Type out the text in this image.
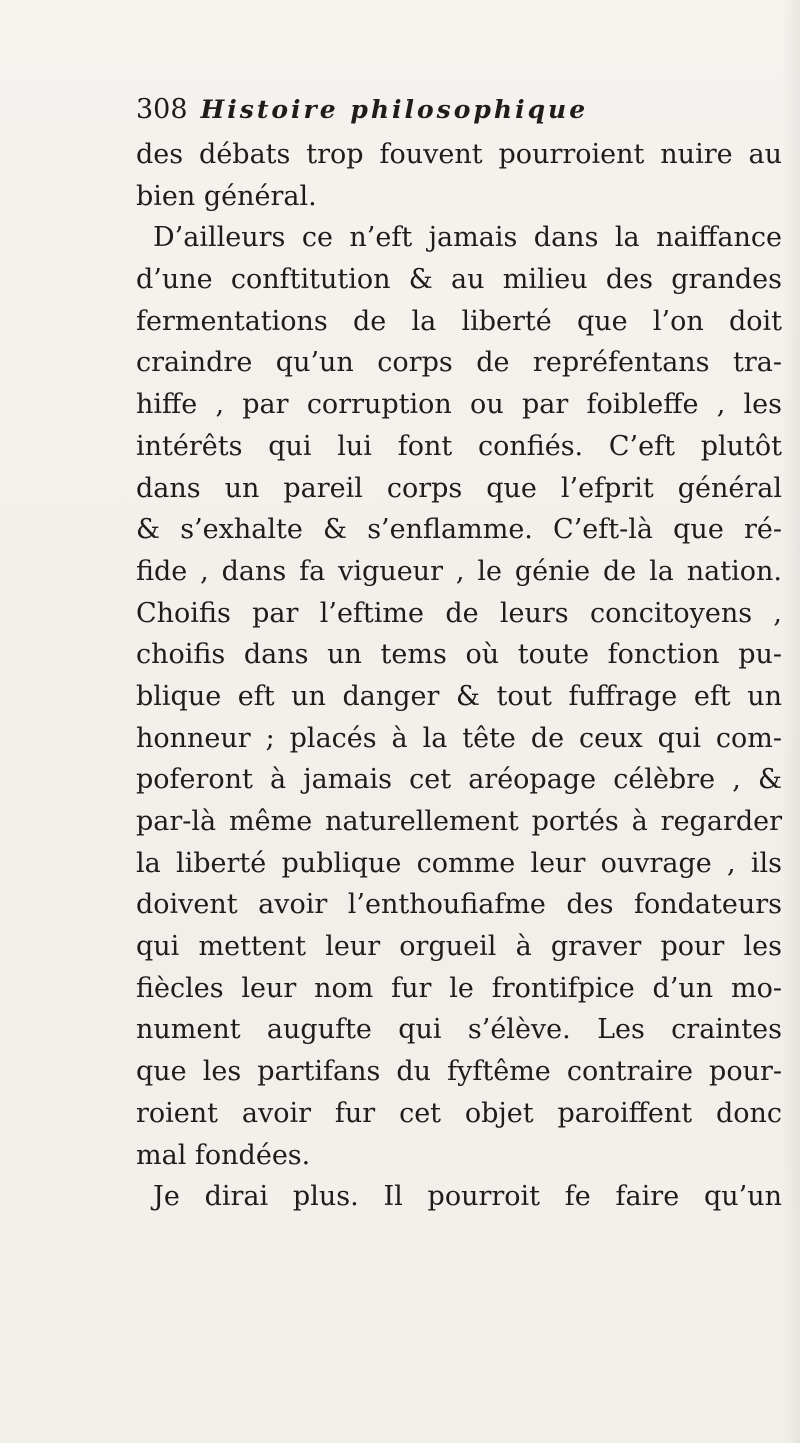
308 Histoire philosophique
des débats trop fouvent pourroient nuire au
bien général.
D’ailleurs ce n’eft jamais dans la naiffance
d’une conftitution & au milieu des grandes
fermentations de la liberté que l’on doit
craindre qu’un corps de repréfentans tra-
hiffe , par corruption ou par foibleffe , les
intérêts qui lui font confiés. C’eft plutôt
dans un pareil corps que l’efprit général
& s’exhalte & s’enflamme. C’eft-là que ré-
fide , dans fa vigueur , le génie de la nation.
Choifis par l’eftime de leurs concitoyens ,
choifis dans un tems où toute fonction pu-
blique eft un danger & tout fuffrage eft un
honneur ; placés à la tête de ceux qui com-
poferont à jamais cet aréopage célèbre , &
par-là même naturellement portés à regarder
la liberté publique comme leur ouvrage , ils
doivent avoir l’enthoufiafme des fondateurs
qui mettent leur orgueil à graver pour les
fiècles leur nom fur le frontifpice d’un mo-
nument augufte qui s’élève. Les craintes
que les partifans du fyftême contraire pour-
roient avoir fur cet objet paroiffent donc
mal fondées.
Je dirai plus. Il pourroit fe faire qu’un
